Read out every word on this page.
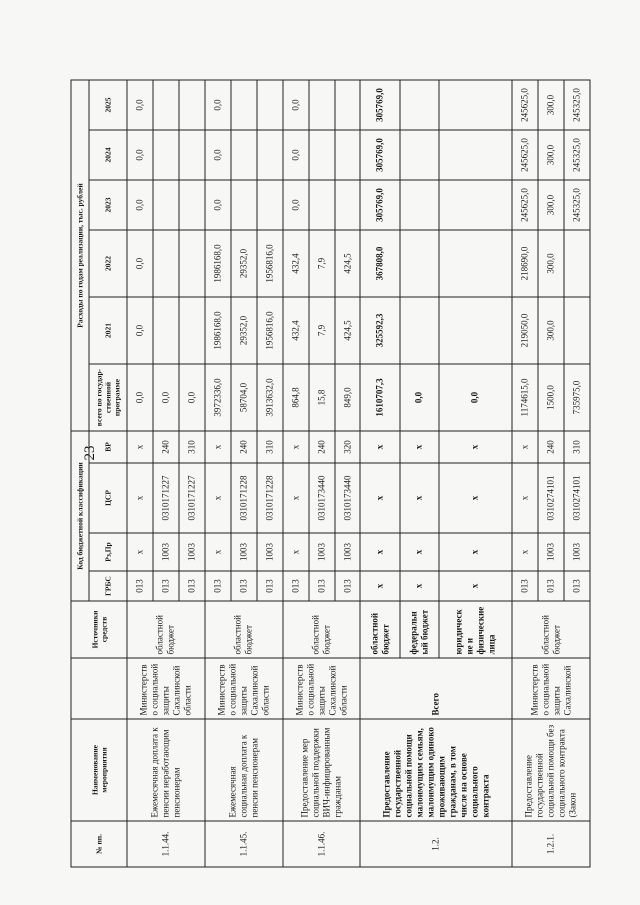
23
№ пп.	Наименование мероприятия		Источники средств	Код бюджетной классификации				Расходы по годам реализации, тыс. рублей					
				ГРБС	Рз,Пр	ЦСР	ВР	всего по государ-ственной программе	2021	2022	2023	2024	2025
1.1.44.	Ежемесячная доплата к пенсии неработающим пенсионерам	Министерство социальной защиты Сахалинской области	областной бюджет	013	x	x	x	0,0	0,0	0,0	0,0	0,0	0,0
				013	1003	0310171227	240	0,0					
				013	1003	0310171227	310	0,0					
1.1.45.	Ежемесячная социальная доплата к пенсии пенсионерам	Министерство социальной защиты Сахалинской области	областной бюджет	013	x	x	x	3972336,0	1986168,0	1986168,0	0,0	0,0	0,0
				013	1003	0310171228	240	58704,0	29352,0	29352,0			
				013	1003	0310171228	310	3913632,0	1956816,0	1956816,0			
1.1.46.	Предоставление мер социальной поддержки ВИЧ-инфицированным гражданам	Министерство социальной защиты Сахалинской области	областной бюджет	013	x	x	x	864,8	432,4	432,4	0,0	0,0	0,0
				013	1003	0310173440	240	15,8	7,9	7,9			
				013	1003	0310173440	320	849,0	424,5	424,5			
1.2.	Предоставление государственной социальной помощи малоимущим семьям, малоимущим одиноко проживающим гражданам, в том числе на основе социального контракта	Всего	областной бюджет	x	x	x	x	1610707,3	325592,3	367808,0	305769,0	305769,0	305769,0
			федеральный бюджет	x	x	x	x	0,0					
			юридические и физические лица	x	x	x	x	0,0					
1.2.1.	Предоставление государственной социальной помощи без социального контракта (Закон	Министерство социальной защиты Сахалинской	областной бюджет	013	x	x	x	1174615,0	219050,0	218690,0	245625,0	245625,0	245625,0
				013	1003	0310274101	240	1500,0	300,0	300,0	300,0	300,0	300,0
				013	1003	0310274101	310	735975,0			245325,0	245325,0	245325,0
